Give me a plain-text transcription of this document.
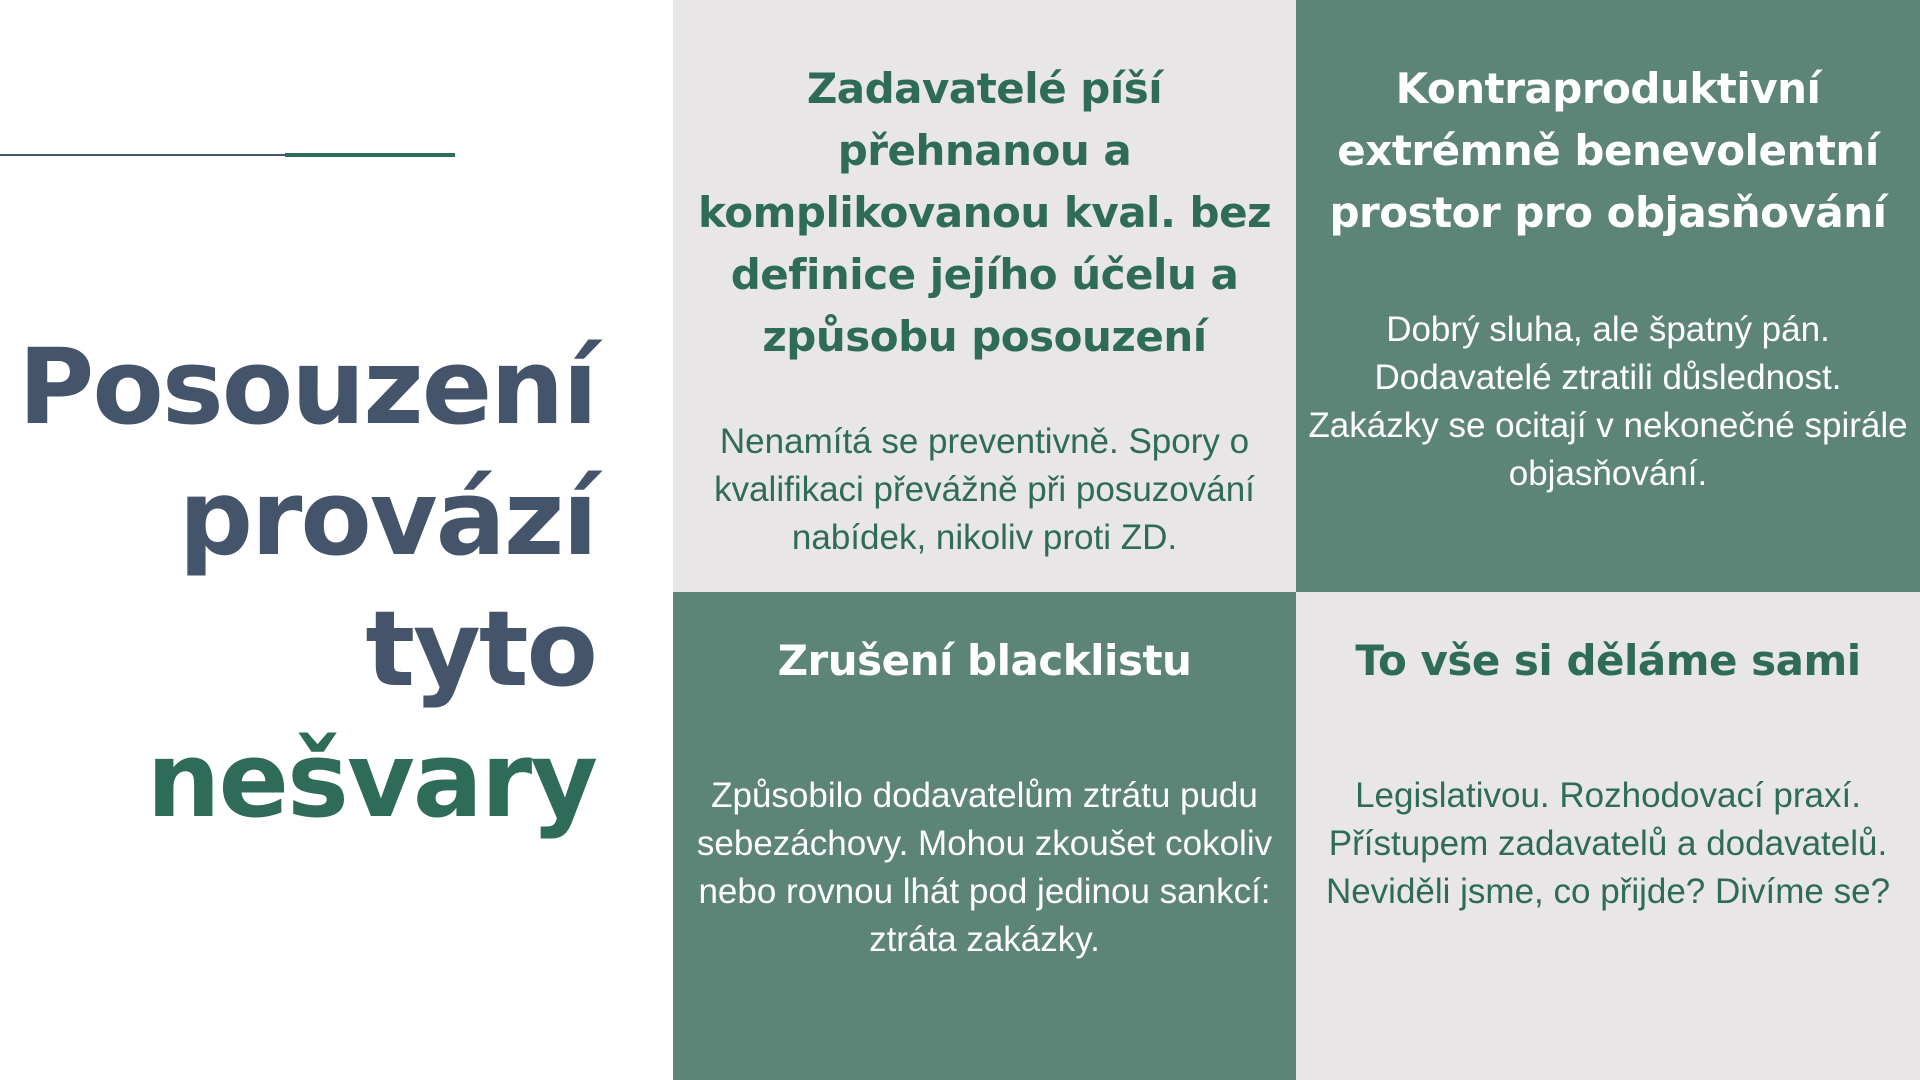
Posouzení
provází
tyto
nešvary
Zadavatelé píší přehnanou a komplikovanou kval. bez definice jejího účelu a způsobu posouzení

Nenamítá se preventivně. Spory o kvalifikaci převážně při posuzování nabídek, nikoliv proti ZD.

Kontraproduktivní extrémně benevolentní prostor pro objasňování

Dobrý sluha, ale špatný pán. Dodavatelé ztratili důslednost. Zakázky se ocitají v nekonečné spirále objasňování.

Zrušení blacklistu

Způsobilo dodavatelům ztrátu pudu sebezáchovy. Mohou zkoušet cokoliv nebo rovnou lhát pod jedinou sankcí: ztráta zakázky.

To vše si děláme sami

Legislativou. Rozhodovací praxí. Přístupem zadavatelů a dodavatelů. Neviděli jsme, co přijde? Divíme se?
